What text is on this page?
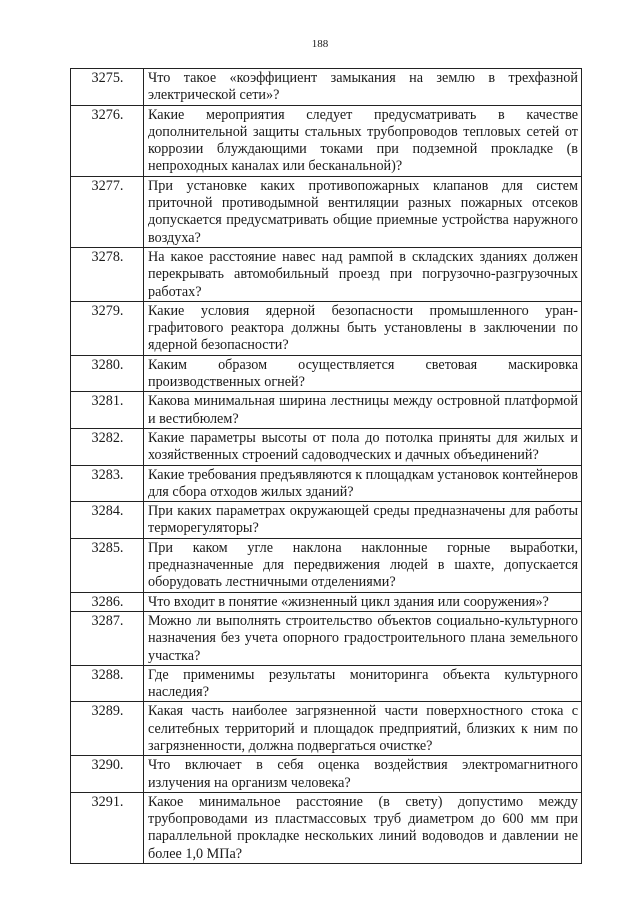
188
3275.	Что такое «коэффициент замыкания на землю в трехфазной электрической сети»?
3276.	Какие мероприятия следует предусматривать в качестве дополнительной защиты стальных трубопроводов тепловых сетей от коррозии блуждающими токами при подземной прокладке (в непроходных каналах или бесканальной)?
3277.	При установке каких противопожарных клапанов для систем приточной противодымной вентиляции разных пожарных отсеков допускается предусматривать общие приемные устройства наружного воздуха?
3278.	На какое расстояние навес над рампой в складских зданиях должен перекрывать автомобильный проезд при погрузочно-разгрузочных работах?
3279.	Какие условия ядерной безопасности промышленного уран-графитового реактора должны быть установлены в заключении по ядерной безопасности?
3280.	Каким образом осуществляется световая маскировка производственных огней?
3281.	Какова минимальная ширина лестницы между островной платформой и вестибюлем?
3282.	Какие параметры высоты от пола до потолка приняты для жилых и хозяйственных строений садоводческих и дачных объединений?
3283.	Какие требования предъявляются к площадкам установок контейнеров для сбора отходов жилых зданий?
3284.	При каких параметрах окружающей среды предназначены для работы терморегуляторы?
3285.	При каком угле наклона наклонные горные выработки, предназначенные для передвижения людей в шахте, допускается оборудовать лестничными отделениями?
3286.	Что входит в понятие «жизненный цикл здания или сооружения»?
3287.	Можно ли выполнять строительство объектов социально-культурного назначения без учета опорного градостроительного плана земельного участка?
3288.	Где применимы результаты мониторинга объекта культурного наследия?
3289.	Какая часть наиболее загрязненной части поверхностного стока с селитебных территорий и площадок предприятий, близких к ним по загрязненности, должна подвергаться очистке?
3290.	Что включает в себя оценка воздействия электромагнитного излучения на организм человека?
3291.	Какое минимальное расстояние (в свету) допустимо между трубопроводами из пластмассовых труб диаметром до 600 мм при параллельной прокладке нескольких линий водоводов и давлении не более 1,0 МПа?
